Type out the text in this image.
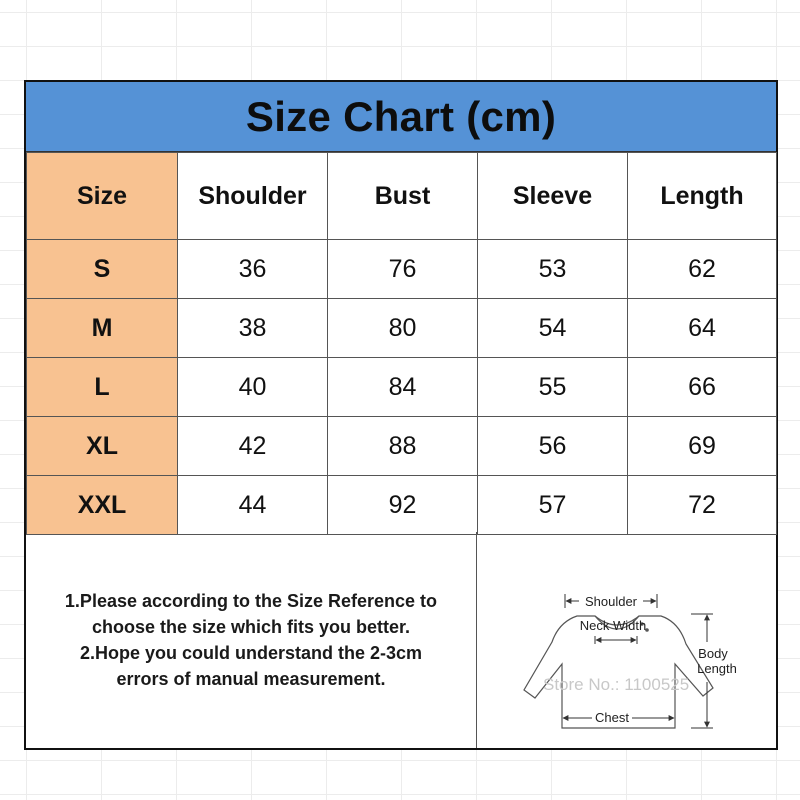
Size Chart (cm)
Size	Shoulder	Bust	Sleeve	Length
S	36	76	53	62
M	38	80	54	64
L	40	84	55	66
XL	42	88	56	69
XXL	44	92	57	72
1.Please according to the Size Reference to
choose the size which fits you better.
2.Hope you could understand the 2-3cm
errors of manual measurement.
Shoulder
Neck Width
Chest
Body
Length
Store No.: 1100525
